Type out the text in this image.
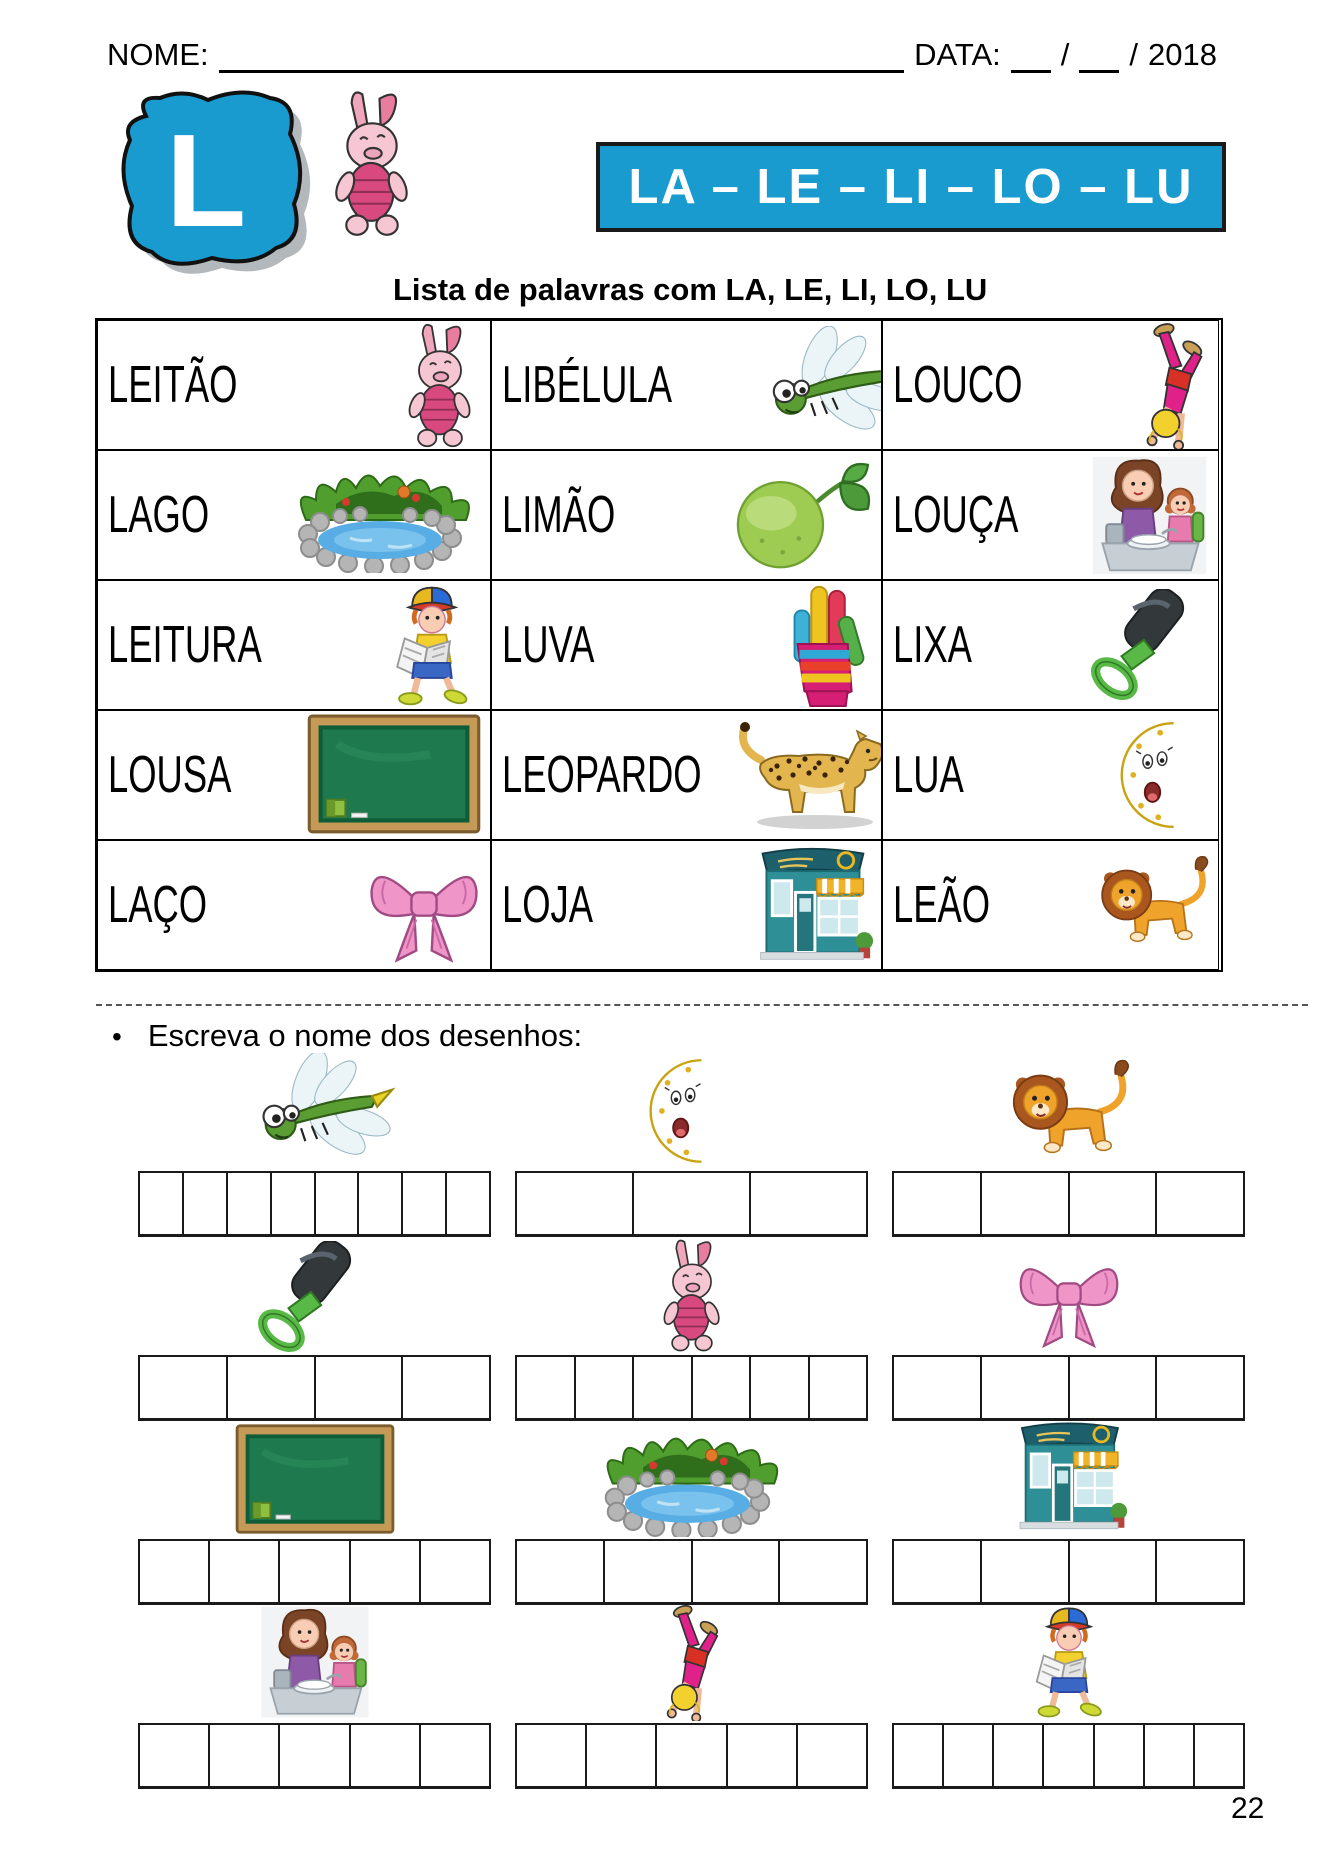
NOME:	DATA: / / 2018
L	LA – LE – LI – LO – LU
Lista de palavras com LA, LE, LI, LO, LU
LEITÃO	LIBÉLULA	LOUCO
LAGO	LIMÃO	LOUÇA
LEITURA	LUVA	LIXA
LOUSA	LEOPARDO	LUA
LAÇO	LOJA	LEÃO
• Escreva o nome dos desenhos:
22
